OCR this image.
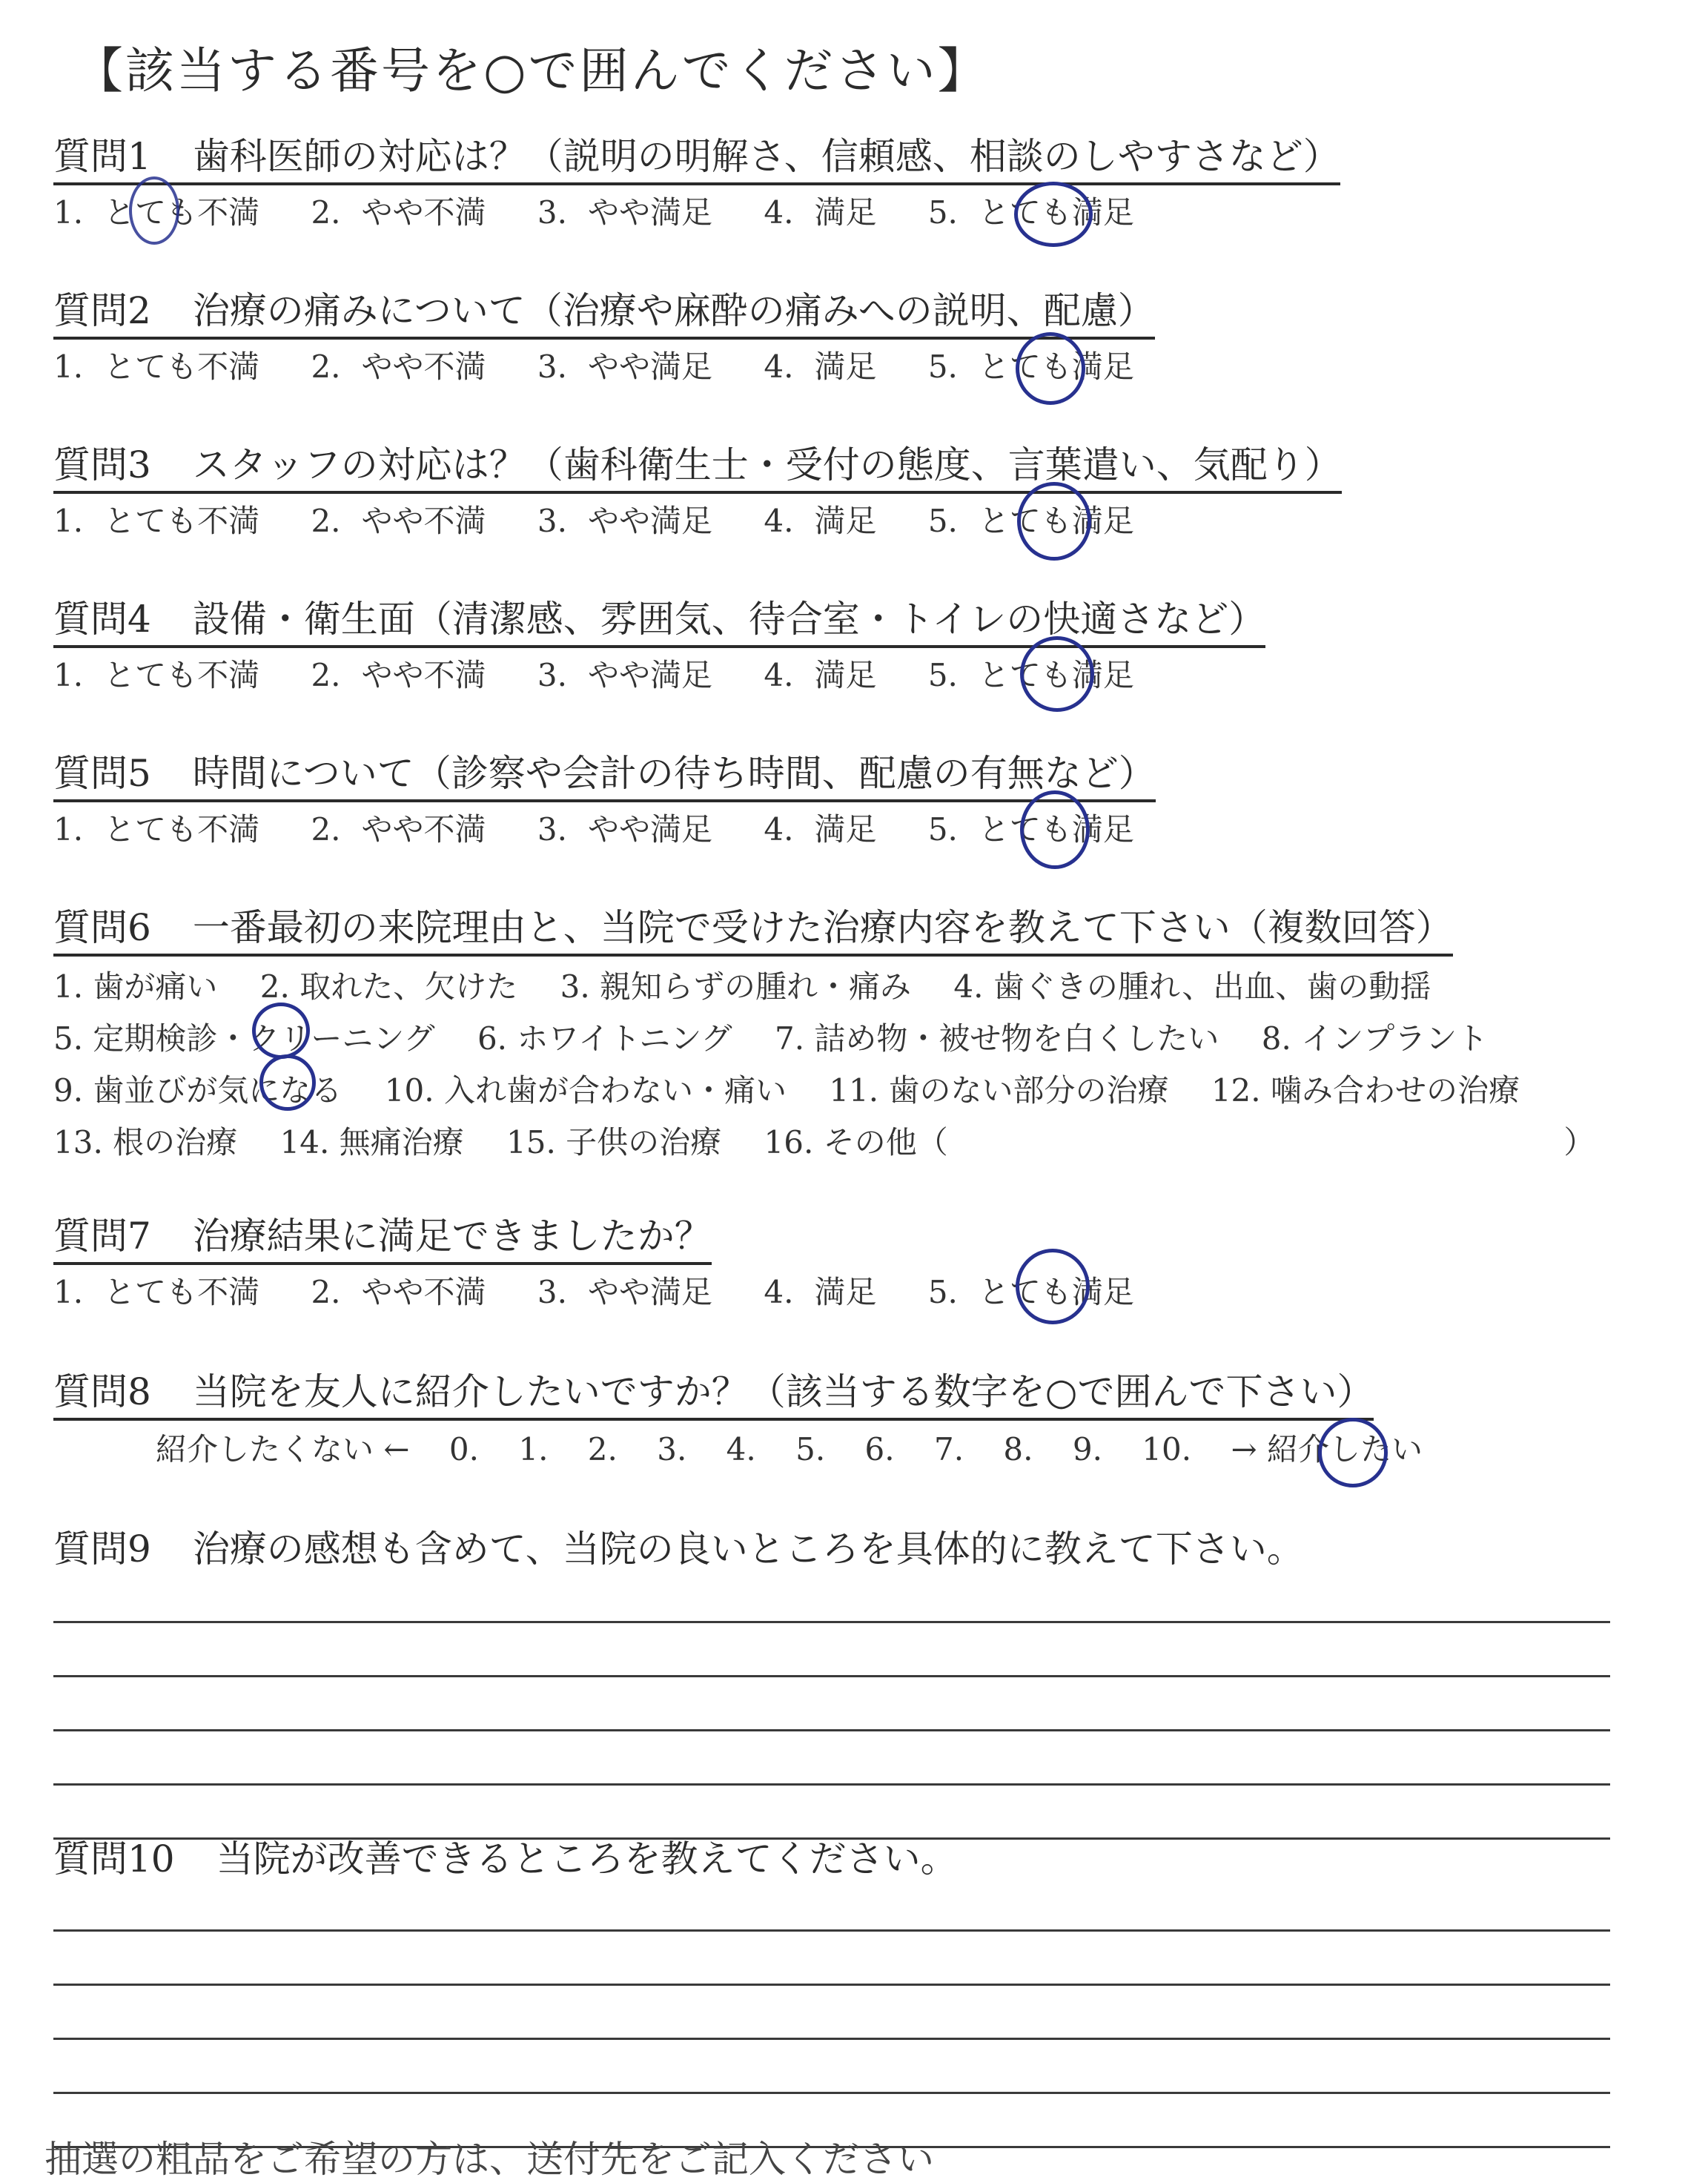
【該当する番号を○で囲んでください】
質問1 歯科医師の対応は？（説明の明解さ、信頼感、相談のしやすさなど）
1. とても不満 2. やや不満 3. やや満足 4. 満足 5. とても満足
質問2 治療の痛みについて（治療や麻酔の痛みへの説明、配慮）
1. とても不満 2. やや不満 3. やや満足 4. 満足 5. とても満足
質問3 スタッフの対応は？（歯科衛生士・受付の態度、言葉遣い、気配り）
1. とても不満 2. やや不満 3. やや満足 4. 満足 5. とても満足
質問4 設備・衛生面（清潔感、雰囲気、待合室・トイレの快適さなど）
1. とても不満 2. やや不満 3. やや満足 4. 満足 5. とても満足
質問5 時間について（診察や会計の待ち時間、配慮の有無など）
1. とても不満 2. やや不満 3. やや満足 4. 満足 5. とても満足
質問6 一番最初の来院理由と、当院で受けた治療内容を教えて下さい（複数回答）
1. 歯が痛い 2. 取れた、欠けた 3. 親知らずの腫れ・痛み 4. 歯ぐきの腫れ、出血、歯の動揺
5. 定期検診・クリーニング 6. ホワイトニング 7. 詰め物・被せ物を白くしたい 8. インプラント
9. 歯並びが気になる 10. 入れ歯が合わない・痛い 11. 歯のない部分の治療 12. 噛み合わせの治療
13. 根の治療 14. 無痛治療 15. 子供の治療 16. その他（	）
質問7 治療結果に満足できましたか？
1. とても不満 2. やや不満 3. やや満足 4. 満足 5. とても満足
質問8 当院を友人に紹介したいですか？（該当する数字を○で囲んで下さい）
紹介したくない ← 0. 1. 2. 3. 4. 5. 6. 7. 8. 9. 10. → 紹介したい
質問9 治療の感想も含めて、当院の良いところを具体的に教えて下さい。
質問10 当院が改善できるところを教えてください。
抽選の粗品をご希望の方は、送付先をご記入ください
